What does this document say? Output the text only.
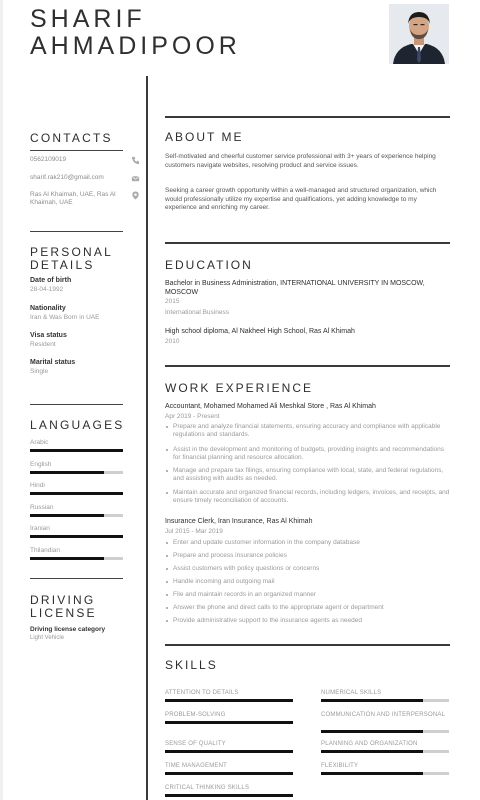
SHARIF
AHMADIPOOR
CONTACTS
0562109019
sharif.rak210@gmail.com
Ras Al Khaimah, UAE, Ras Al Khaimah, UAE
PERSONAL
DETAILS
Date of birth
28-04-1992
Nationality
Iran & Was Born in UAE
Visa status
Resident
Marital status
Single
LANGUAGES
Arabic
English
Hindi
Russian
Iranian
Thilandian
DRIVING
LICENSE
Driving license category
Light Vehicle
ABOUT ME
Self-motivated and cheerful customer service professional with 3+ years of experience helping customers navigate websites, resolving product and service issues.
Seeking a career growth opportunity within a well-managed and structured organization, which would professionally utilize my expertise and qualifications, yet adding knowledge to my experience and enriching my career.
EDUCATION
Bachelor in Business Administration, INTERNATIONAL UNIVERSITY IN MOSCOW, MOSCOW
2015
International Business
High school diploma, Al Nakheel High School, Ras Al Khimah
2010
WORK EXPERIENCE
Accountant, Mohamed Mohamed Ali Meshkal Store , Ras Al Khimah
Apr 2019 - Present
Prepare and analyze financial statements, ensuring accuracy and compliance with applicable regulations and standards.
Assist in the development and monitoring of budgets, providing insights and recommendations for financial planning and resource allocation.
Manage and prepare tax filings, ensuring compliance with local, state, and federal regulations, and assisting with audits as needed.
Maintain accurate and organized financial records, including ledgers, invoices, and receipts, and ensure timely reconciliation of accounts.
Insurance Clerk, Iran Insurance, Ras Al Khimah
Jul 2015 - Mar 2019
Enter and update customer information in the company database
Prepare and process insurance policies
Assist customers with policy questions or concerns
Handle incoming and outgoing mail
File and maintain records in an organized manner
Answer the phone and direct calls to the appropriate agent or department
Provide administrative support to the insurance agents as needed
SKILLS
ATTENTION TO DETAILS	NUMERICAL SKILLS
PROBLEM-SOLVING	COMMUNICATION AND INTERPERSONAL
SENSE OF QUALITY	PLANNING AND ORGANIZATION
TIME MANAGEMENT	FLEXIBILITY
CRITICAL THINKING SKILLS
